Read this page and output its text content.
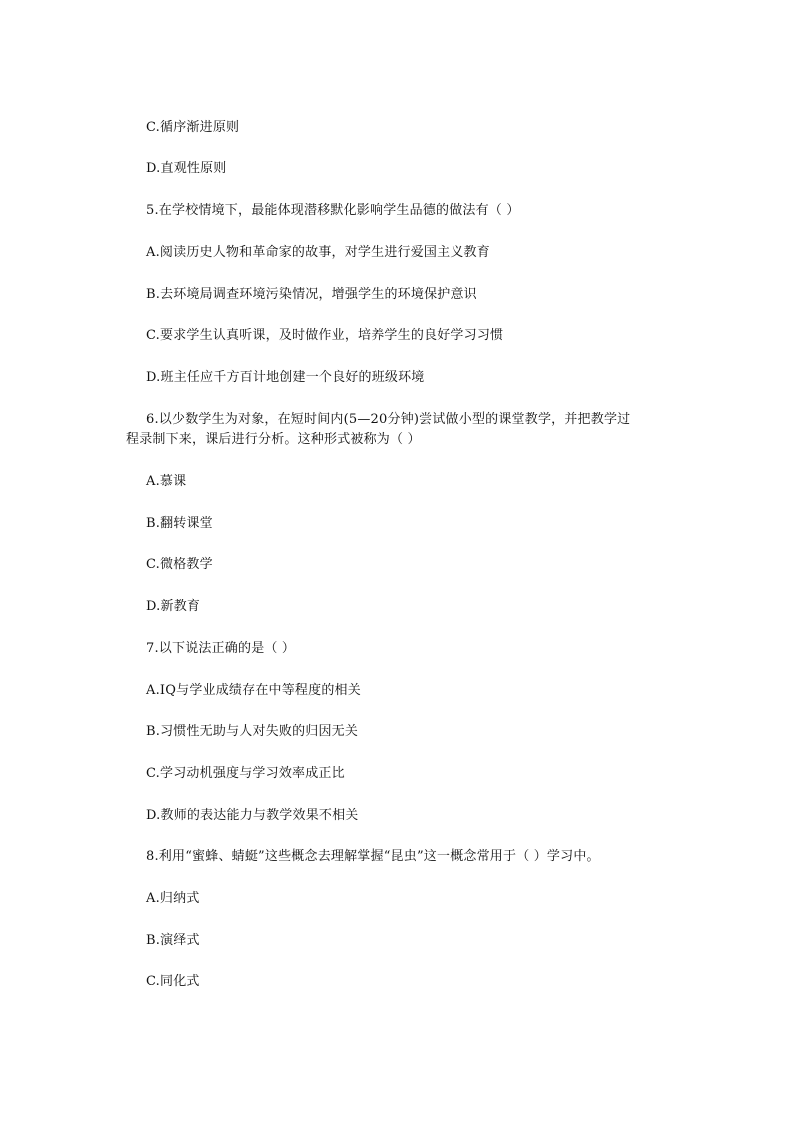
C.循序渐进原则
D.直观性原则
5.在学校情境下，最能体现潜移默化影响学生品德的做法有（ ）
A.阅读历史人物和革命家的故事，对学生进行爱国主义教育
B.去环境局调查环境污染情况，增强学生的环境保护意识
C.要求学生认真听课，及时做作业，培养学生的良好学习习惯
D.班主任应千方百计地创建一个良好的班级环境
6.以少数学生为对象，在短时间内(5—20分钟)尝试做小型的课堂教学，并把教学过
程录制下来，课后进行分析。这种形式被称为（ ）
A.慕课
B.翻转课堂
C.微格教学
D.新教育
7.以下说法正确的是（ ）
A.IQ与学业成绩存在中等程度的相关
B.习惯性无助与人对失败的归因无关
C.学习动机强度与学习效率成正比
D.教师的表达能力与教学效果不相关
8.利用“蜜蜂、蜻蜓”这些概念去理解掌握“昆虫”这一概念常用于（ ）学习中。
A.归纳式
B.演绎式
C.同化式
